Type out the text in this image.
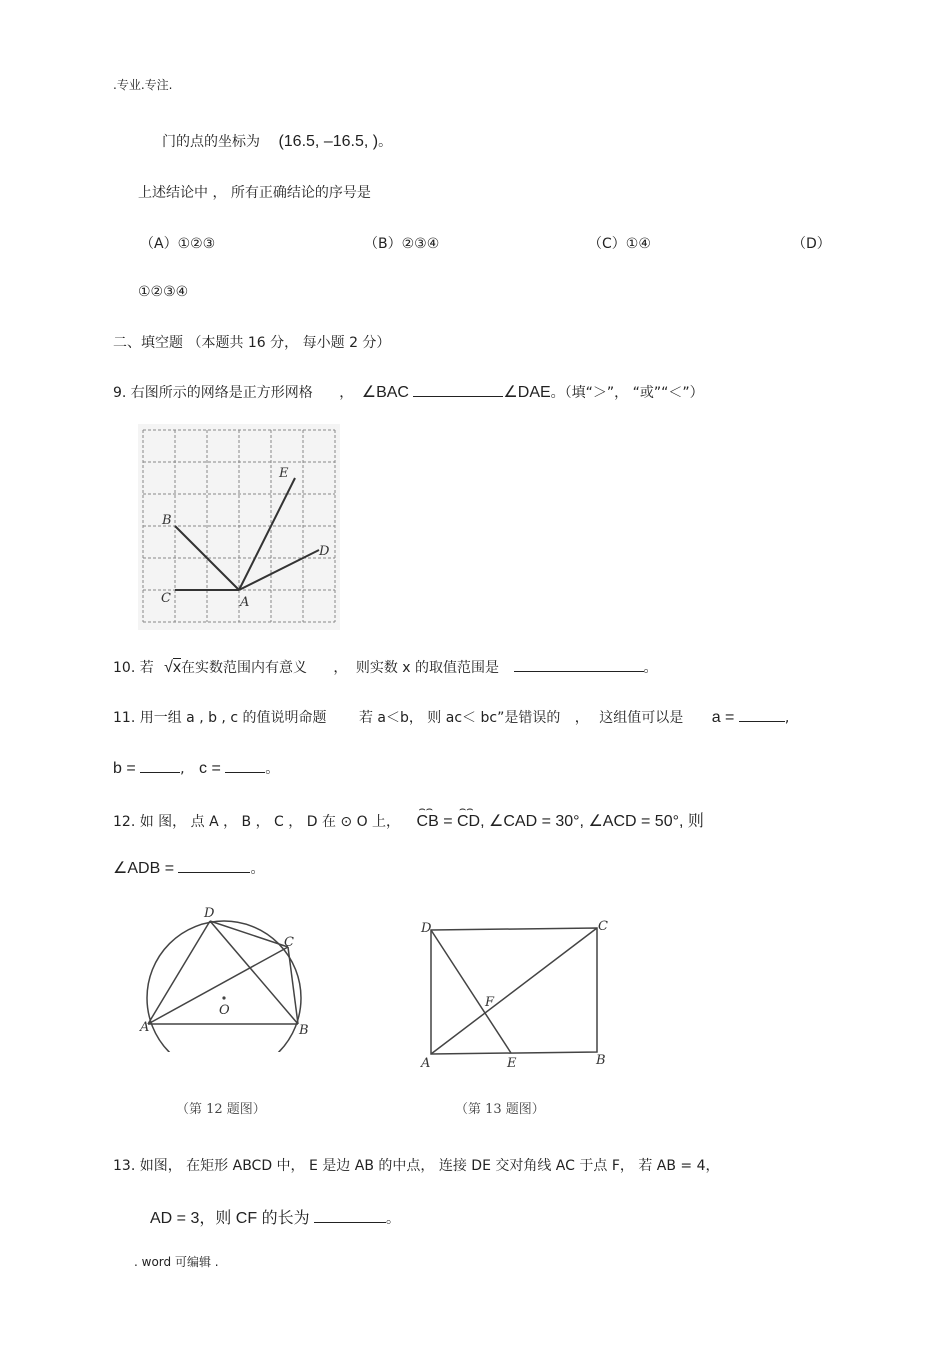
.专业.专注.
门的点的坐标为 (16.5, –16.5, )。
上述结论中 ， 所有正确结论的序号是
（A）①②③	（B）②③④	（C）①④	（D）
①②③④
二、填空题 （本题共 16 分， 每小题 2 分）
9. 右图所示的网络是正方形网格 ， ∠BAC	∠DAE。（填“＞”， “或”“＜”）
A
B
C
D
E
10. 若 √x在实数范围内有意义 ， 则实数 x 的取值范围是	。
11. 用一组 a , b , c 的值说明命题 若 a＜b， 则 ac＜ bc”是错误的 ， 这组值可以是 a =	,
b =	, c =	。
12. 如 图， 点 A ， B ， C ， D 在 ⊙ O 上，
⌢⌢
CB =
⌢⌢
CD, ∠CAD = 30°, ∠ACD = 50°, 则
∠ADB =	。
D
C
A	B
O
（第 12 题图）
D	C
F
A	E	B
（第 13 题图）
13. 如图， 在矩形 ABCD 中， E 是边 AB 的中点， 连接 DE 交对角线 AC 于点 F， 若 AB = 4，
AD = 3，则 CF 的长为	。
. word 可编辑 .
